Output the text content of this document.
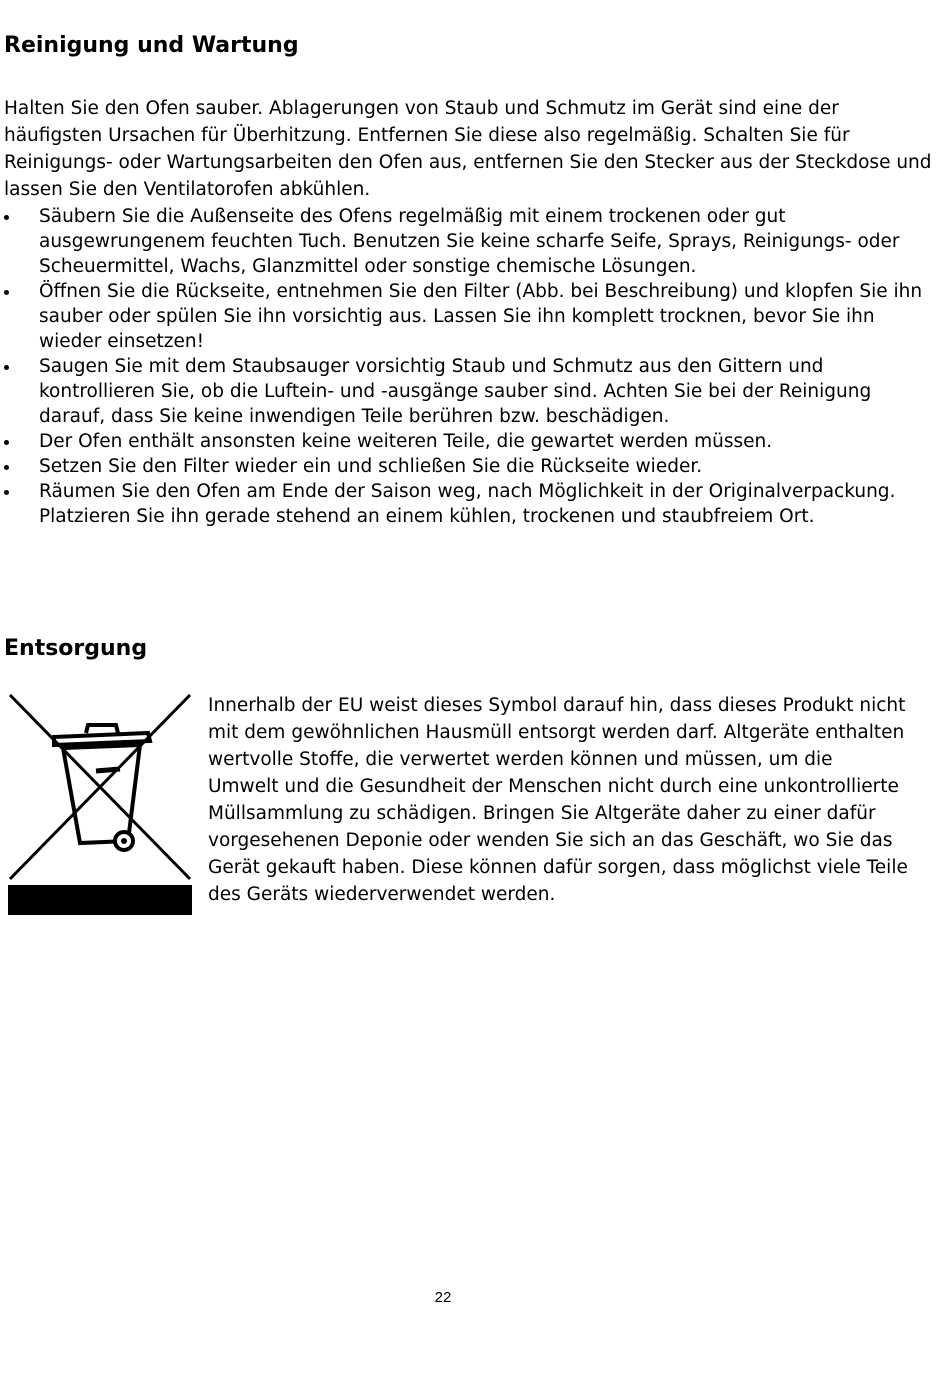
Reinigung und Wartung

Halten Sie den Ofen sauber. Ablagerungen von Staub und Schmutz im Gerät sind eine der häufigsten Ursachen für Überhitzung. Entfernen Sie diese also regelmäßig. Schalten Sie für Reinigungs- oder Wartungsarbeiten den Ofen aus, entfernen Sie den Stecker aus der Steckdose und lassen Sie den Ventilatorofen abkühlen.

Säubern Sie die Außenseite des Ofens regelmäßig mit einem trockenen oder gut ausgewrungenem feuchten Tuch. Benutzen Sie keine scharfe Seife, Sprays, Reinigungs- oder Scheuermittel, Wachs, Glanzmittel oder sonstige chemische Lösungen.
Öffnen Sie die Rückseite, entnehmen Sie den Filter (Abb. bei Beschreibung) und klopfen Sie ihn sauber oder spülen Sie ihn vorsichtig aus. Lassen Sie ihn komplett trocknen, bevor Sie ihn wieder einsetzen!
Saugen Sie mit dem Staubsauger vorsichtig Staub und Schmutz aus den Gittern und kontrollieren Sie, ob die Luftein- und -ausgänge sauber sind. Achten Sie bei der Reinigung darauf, dass Sie keine inwendigen Teile berühren bzw. beschädigen.
Der Ofen enthält ansonsten keine weiteren Teile, die gewartet werden müssen.
Setzen Sie den Filter wieder ein und schließen Sie die Rückseite wieder.
Räumen Sie den Ofen am Ende der Saison weg, nach Möglichkeit in der Originalverpackung. Platzieren Sie ihn gerade stehend an einem kühlen, trockenen und staubfreiem Ort.
Entsorgung

Innerhalb der EU weist dieses Symbol darauf hin, dass dieses Produkt nicht mit dem gewöhnlichen Hausmüll entsorgt werden darf. Altgeräte enthalten wertvolle Stoffe, die verwertet werden können und müssen, um die Umwelt und die Gesundheit der Menschen nicht durch eine unkontrollierte Müllsammlung zu schädigen. Bringen Sie Altgeräte daher zu einer dafür vorgesehenen Deponie oder wenden Sie sich an das Geschäft, wo Sie das Gerät gekauft haben. Diese können dafür sorgen, dass möglichst viele Teile des Geräts wiederverwendet werden.

22
